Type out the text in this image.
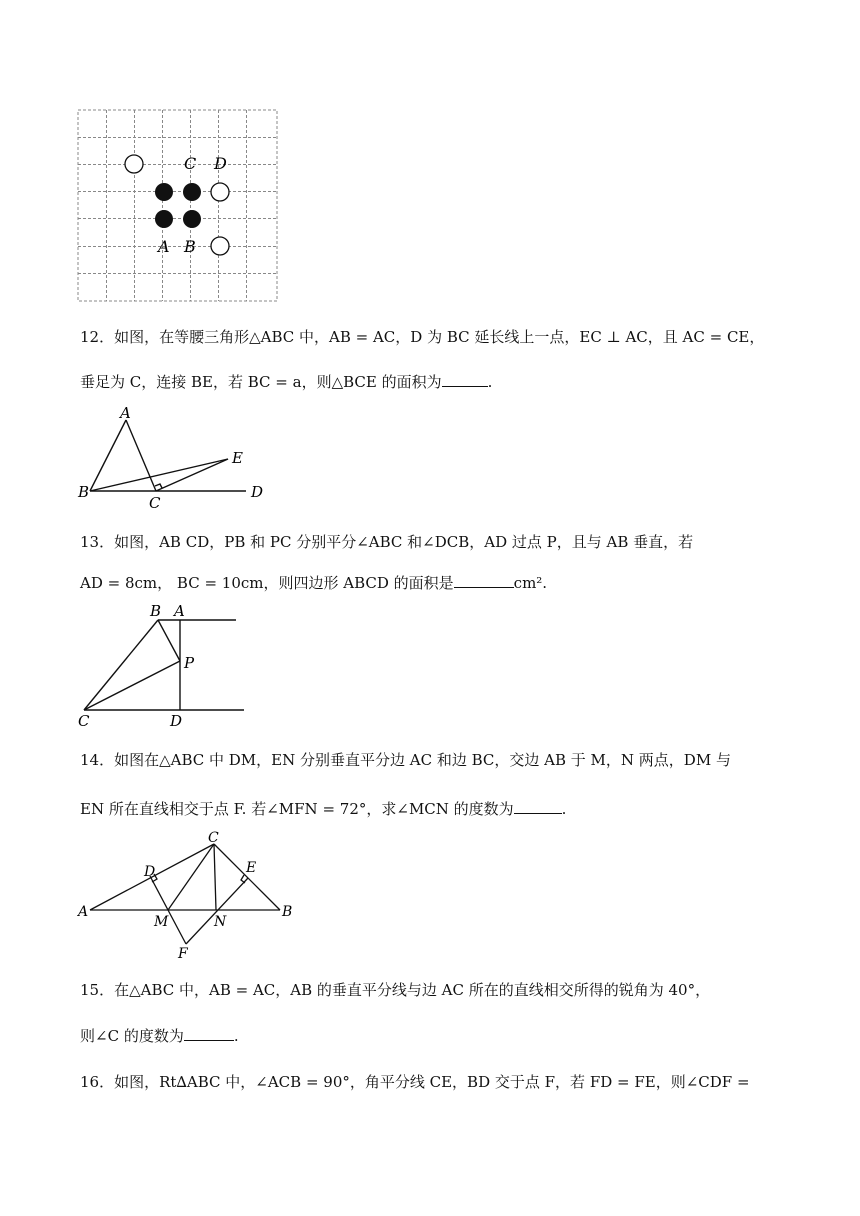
C D
A B
12．如图，在等腰三角形△ABC 中，AB = AC，D 为 BC 延长线上一点，EC ⊥ AC，且 AC = CE，
垂足为 C，连接 BE，若 BC = a，则△BCE 的面积为	.
A
B
C
D
E
13．如图，AB CD，PB 和 PC 分别平分∠ABC 和∠DCB，AD 过点 P，且与 AB 垂直，若
AD = 8cm， BC = 10cm，则四边形 ABCD 的面积是	cm².
B A
P
C	D
14．如图在△ABC 中 DM，EN 分别垂直平分边 AC 和边 BC，交边 AB 于 M，N 两点，DM 与
EN 所在直线相交于点 F. 若∠MFN = 72°，求∠MCN 的度数为	.
C
D	E
A
M	N
B
F
15．在△ABC 中，AB = AC，AB 的垂直平分线与边 AC 所在的直线相交所得的锐角为 40°，
则∠C 的度数为	.
16．如图，Rt∆ABC 中，∠ACB = 90°，角平分线 CE，BD 交于点 F，若 FD = FE，则∠CDF =
